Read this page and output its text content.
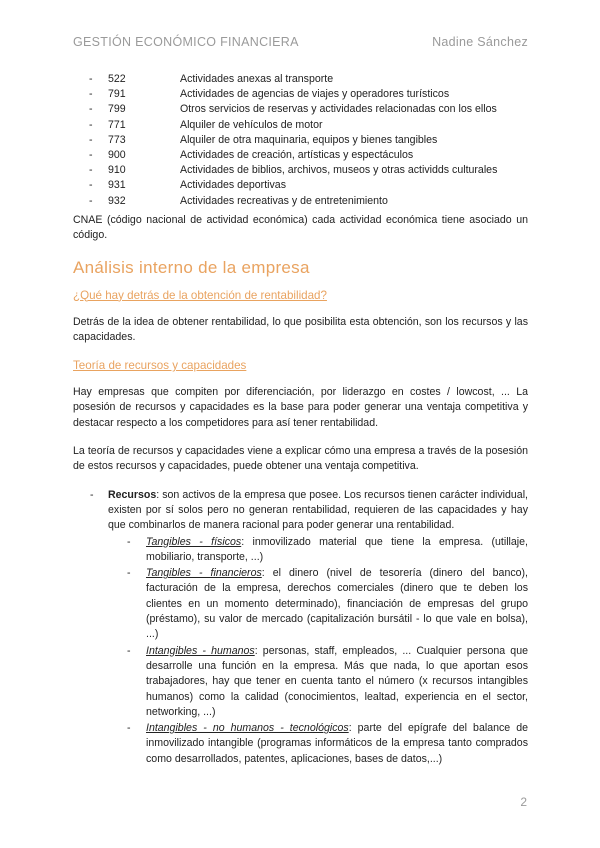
GESTIÓN ECONÓMICO FINANCIERA	Nadine Sánchez
- 522	Actividades anexas al transporte
- 791	Actividades de agencias de viajes y operadores turísticos
- 799	Otros servicios de reservas y actividades relacionadas con los ellos
- 771	Alquiler de vehículos de motor
- 773	Alquiler de otra maquinaria, equipos y bienes tangibles
- 900	Actividades de creación, artísticas y espectáculos
- 910	Actividades de biblios, archivos, museos y otras actividds culturales
- 931	Actividades deportivas
- 932	Actividades recreativas y de entretenimiento

CNAE (código nacional de actividad económica) cada actividad económica tiene asociado un código.

Análisis interno de la empresa
¿Qué hay detrás de la obtención de rentabilidad?

Detrás de la idea de obtener rentabilidad, lo que posibilita esta obtención, son los recursos y las capacidades.

Teoría de recursos y capacidades

Hay empresas que compiten por diferenciación, por liderazgo en costes / lowcost, ... La posesión de recursos y capacidades es la base para poder generar una ventaja competitiva y destacar respecto a los competidores para así tener rentabilidad.

La teoría de recursos y capacidades viene a explicar cómo una empresa a través de la posesión de estos recursos y capacidades, puede obtener una ventaja competitiva.

- Recursos: son activos de la empresa que posee. Los recursos tienen carácter individual, existen por sí solos pero no generan rentabilidad, requieren de las capacidades y hay que combinarlos de manera racional para poder generar una rentabilidad.
- Tangibles - físicos: inmovilizado material que tiene la empresa. (utillaje, mobiliario, transporte, ...)
- Tangibles - financieros: el dinero (nivel de tesorería (dinero del banco), facturación de la empresa, derechos comerciales (dinero que te deben los clientes en un momento determinado), financiación de empresas del grupo (préstamo), su valor de mercado (capitalización bursátil - lo que vale en bolsa), ...)
- Intangibles - humanos: personas, staff, empleados, ... Cualquier persona que desarrolle una función en la empresa. Más que nada, lo que aportan esos trabajadores, hay que tener en cuenta tanto el número (x recursos intangibles humanos) como la calidad (conocimientos, lealtad, experiencia en el sector, networking, ...)
- Intangibles - no humanos - tecnológicos: parte del epígrafe del balance de inmovilizado intangible (programas informáticos de la empresa tanto comprados como desarrollados, patentes, aplicaciones, bases de datos,...)
2
